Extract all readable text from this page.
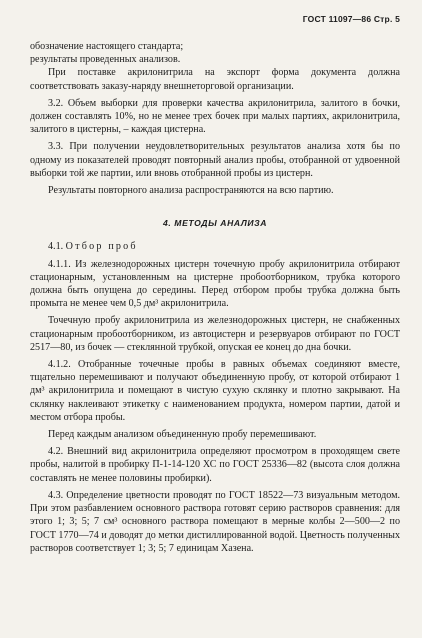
ГОСТ 11097—86 Стр. 5

обозначение настоящего стандарта;

результаты проведенных анализов.

При поставке акрилонитрила на экспорт форма документа должна соответствовать заказу-наряду внешнеторговой организации.

3.2. Объем выборки для проверки качества акрилонитрила, залитого в бочки, должен составлять 10%, но не менее трех бочек при малых партиях, акрилонитрила, залитого в цистерны, – каждая цистерна.

3.3. При получении неудовлетворительных результатов анализа хотя бы по одному из показателей проводят повторный анализ пробы, отобранной от удвоенной выборки той же партии, или вновь отобранной пробы из цистерн.

Результаты повторного анализа распространяются на всю партию.

4. МЕТОДЫ АНАЛИЗА

4.1. Отбор проб

4.1.1. Из железнодорожных цистерн точечную пробу акрилонитрила отбирают стационарным, установленным на цистерне пробоотборником, трубка которого должна быть опущена до середины. Перед отбором пробы трубка должна быть промыта не менее чем 0,5 дм³ акрилонитрила.

Точечную пробу акрилонитрила из железнодорожных цистерн, не снабженных стационарным пробоотборником, из автоцистерн и резервуаров отбирают по ГОСТ 2517—80, из бочек — стеклянной трубкой, опуская ее конец до дна бочки.

4.1.2. Отобранные точечные пробы в равных объемах соединяют вместе, тщательно перемешивают и получают объединенную пробу, от которой отбирают 1 дм³ акрилонитрила и помещают в чистую сухую склянку и плотно закрывают. На склянку наклеивают этикетку с наименованием продукта, номером партии, датой и местом отбора пробы.

Перед каждым анализом объединенную пробу перемешивают.

4.2. Внешний вид акрилонитрила определяют просмотром в проходящем свете пробы, налитой в пробирку П-1-14-120 ХС по ГОСТ 25336—82 (высота слоя должна составлять не менее половины пробирки).

4.3. Определение цветности проводят по ГОСТ 18522—73 визуальным методом. При этом разбавлением основного раствора готовят серию растворов сравнения: для этого 1; 3; 5; 7 см³ основного раствора помещают в мерные колбы 2—500—2 по ГОСТ 1770—74 и доводят до метки дистиллированной водой. Цветность полученных растворов соответствует 1; 3; 5; 7 единицам Хазена.
